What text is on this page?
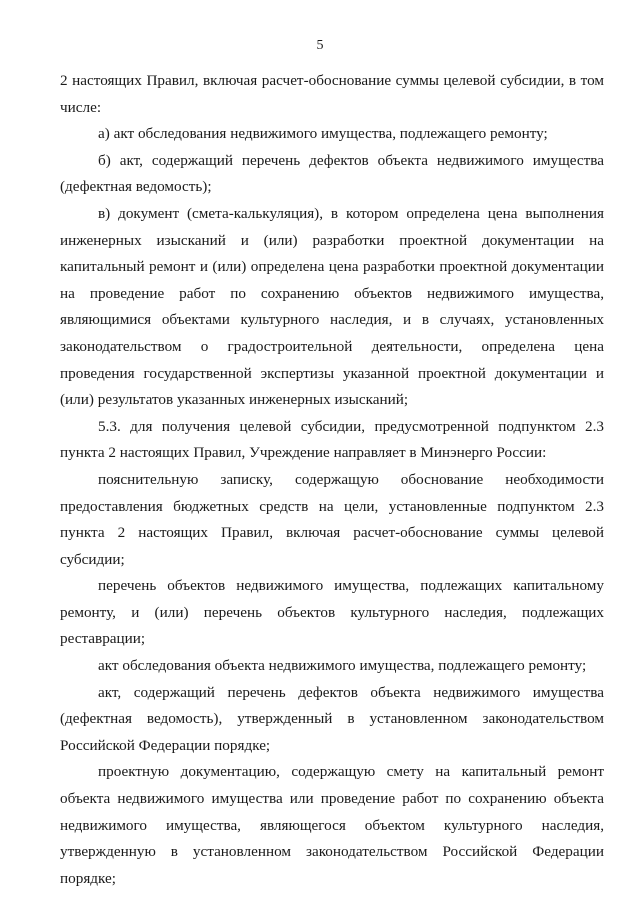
5

2 настоящих Правил, включая расчет-обоснование суммы целевой субсидии, в том числе:

а) акт обследования недвижимого имущества, подлежащего ремонту;

б) акт, содержащий перечень дефектов объекта недвижимого имущества (дефектная ведомость);

в) документ (смета-калькуляция), в котором определена цена выполнения инженерных изысканий и (или) разработки проектной документации на капитальный ремонт и (или) определена цена разработки проектной документации на проведение работ по сохранению объектов недвижимого имущества, являющимися объектами культурного наследия, и в случаях, установленных законодательством о градостроительной деятельности, определена цена проведения государственной экспертизы указанной проектной документации и (или) результатов указанных инженерных изысканий;

5.3. для получения целевой субсидии, предусмотренной подпунктом 2.3 пункта 2 настоящих Правил, Учреждение направляет в Минэнерго России:

пояснительную записку, содержащую обоснование необходимости предоставления бюджетных средств на цели, установленные подпунктом 2.3 пункта 2 настоящих Правил, включая расчет-обоснование суммы целевой субсидии;

перечень объектов недвижимого имущества, подлежащих капитальному ремонту, и (или) перечень объектов культурного наследия, подлежащих реставрации;

акт обследования объекта недвижимого имущества, подлежащего ремонту;

акт, содержащий перечень дефектов объекта недвижимого имущества (дефектная ведомость), утвержденный в установленном законодательством Российской Федерации порядке;

проектную документацию, содержащую смету на капитальный ремонт объекта недвижимого имущества или проведение работ по сохранению объекта недвижимого имущества, являющегося объектом культурного наследия, утвержденную в установленном законодательством Российской Федерации порядке;
